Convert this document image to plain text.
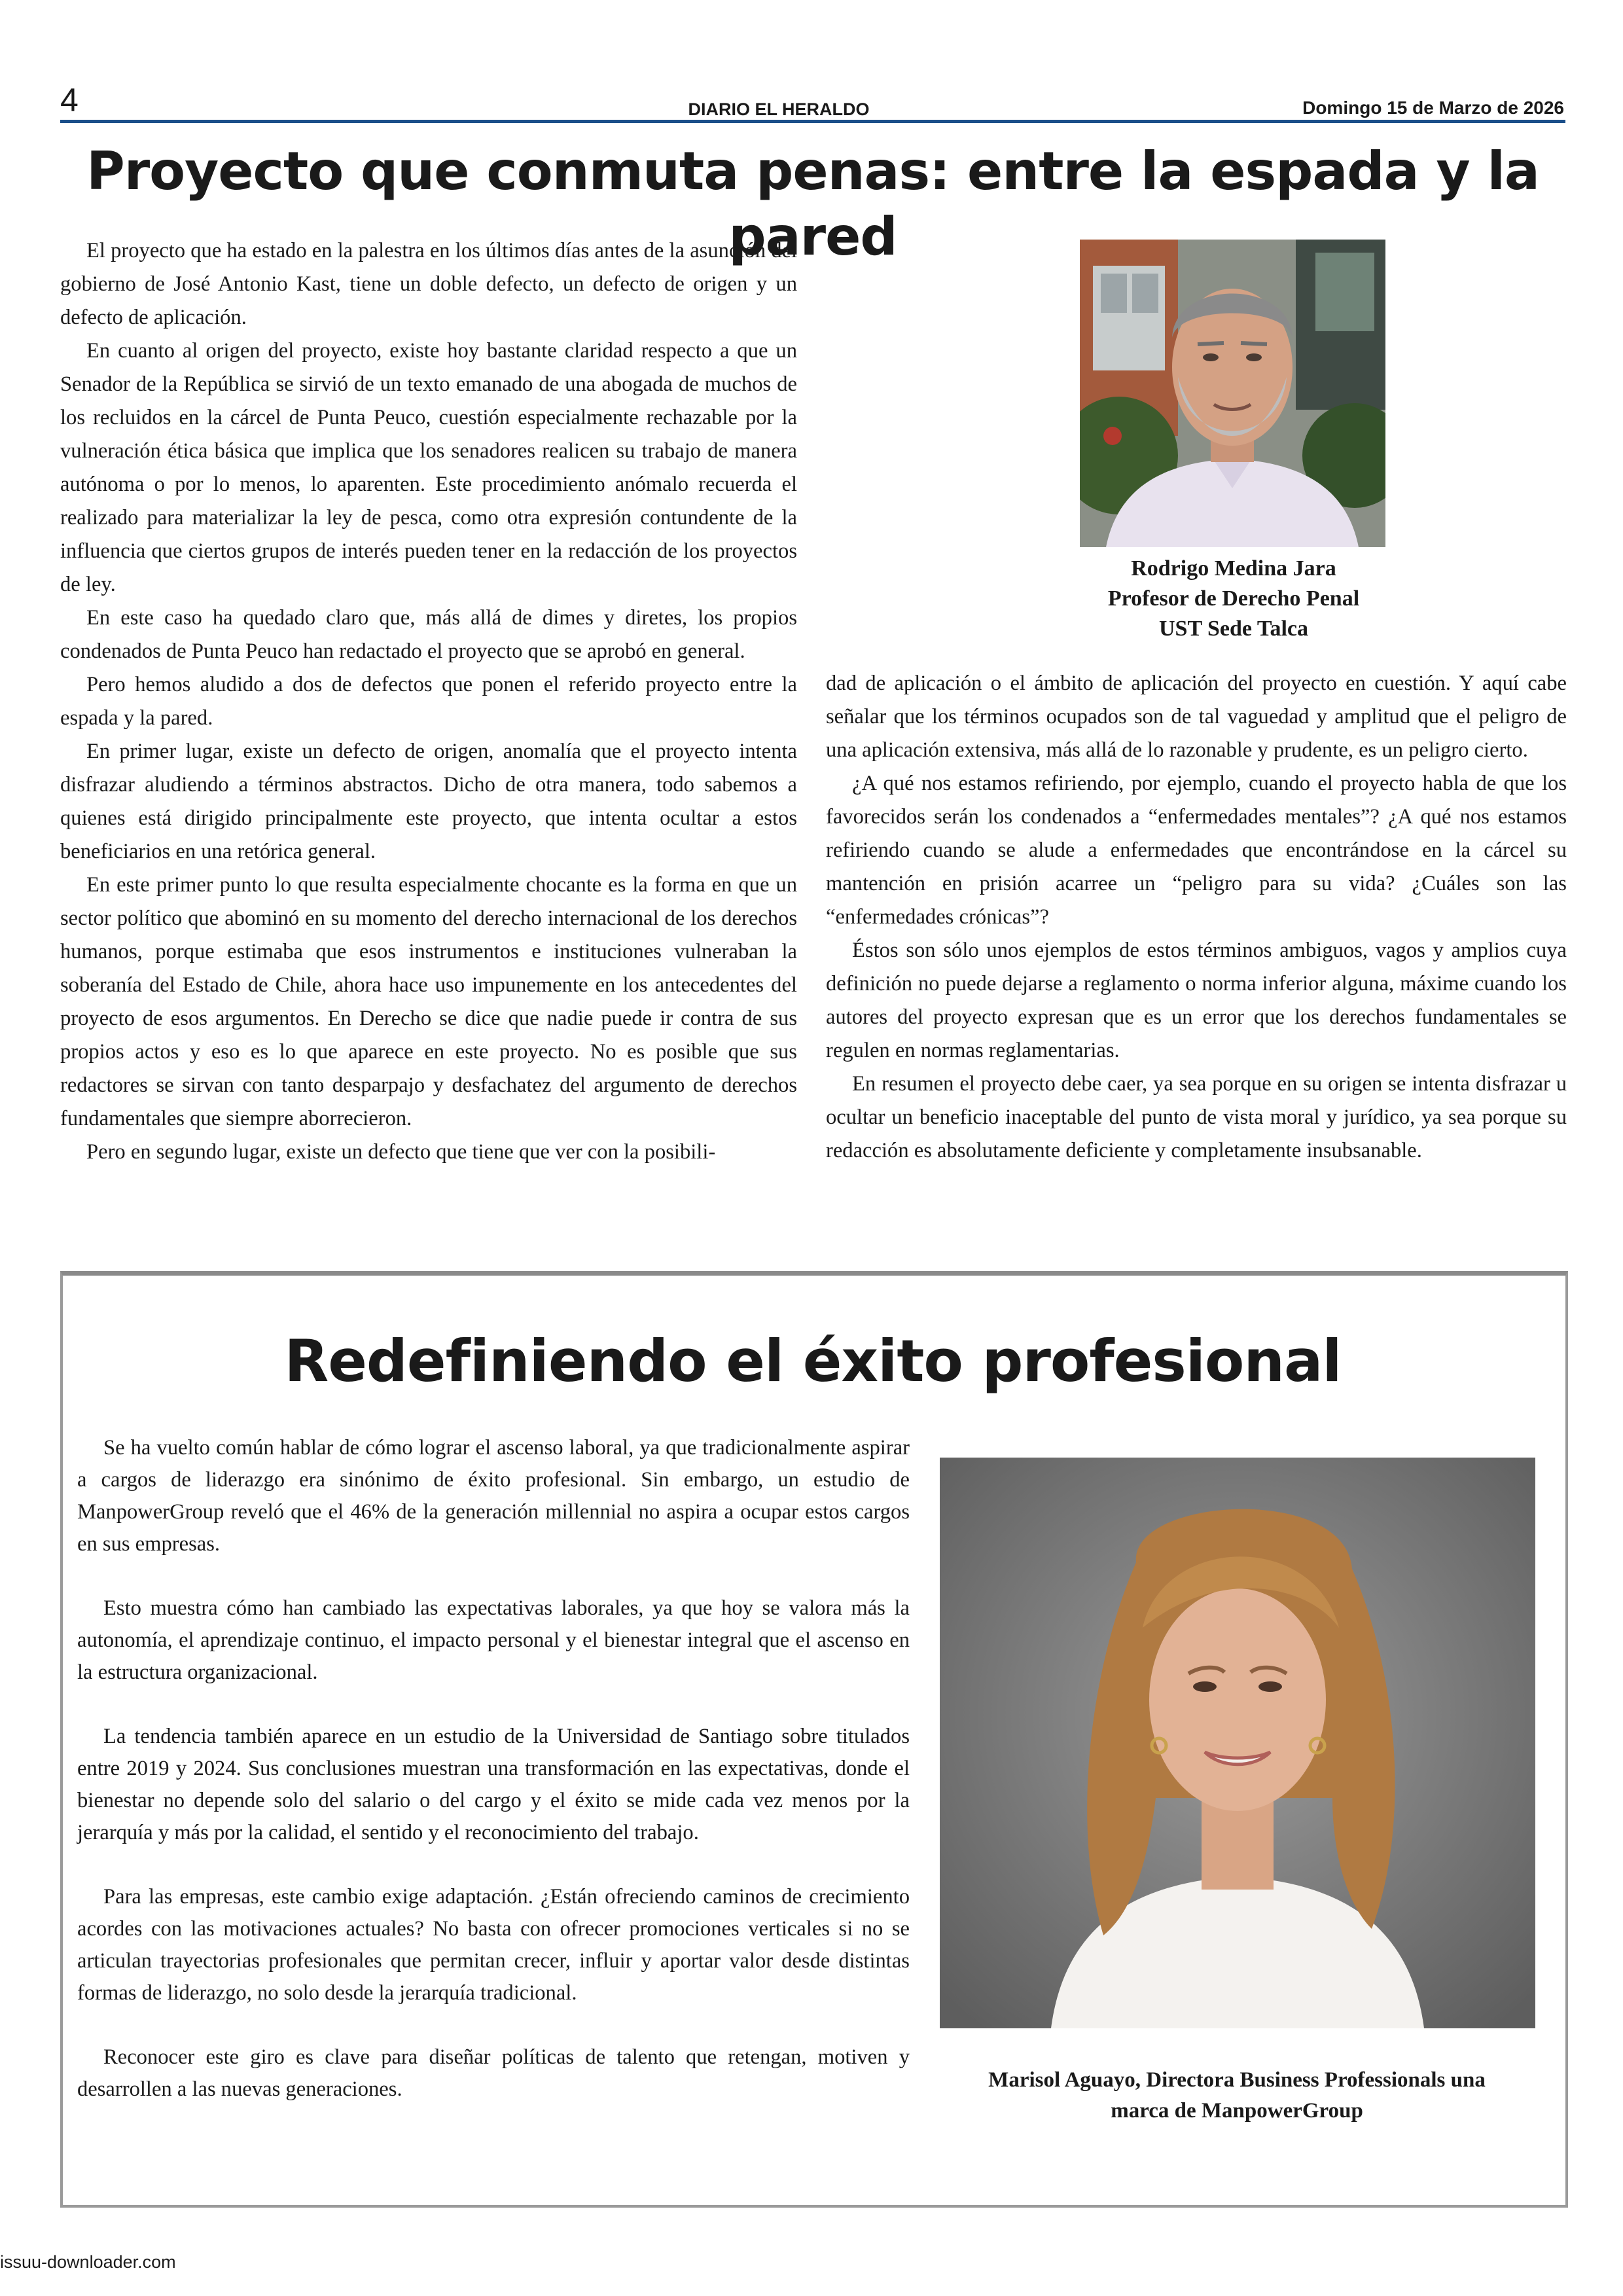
4	DIARIO EL HERALDO	Domingo 15 de Marzo de 2026
Proyecto que conmuta penas: entre la espada y la pared

El proyecto que ha estado en la palestra en los últimos días antes de la asunción del gobierno de José Antonio Kast, tiene un doble defecto, un defecto de origen y un defecto de aplicación.

En cuanto al origen del proyecto, existe hoy bastante claridad respecto a que un Senador de la República se sirvió de un texto emanado de una abogada de muchos de los recluidos en la cárcel de Punta Peuco, cuestión especialmente rechazable por la vulneración ética básica que implica que los senadores realicen su trabajo de manera autónoma o por lo menos, lo aparenten. Este procedimiento anómalo recuerda el realizado para materializar la ley de pesca, como otra expresión contundente de la influencia que ciertos grupos de interés pueden tener en la redacción de los proyectos de ley.

En este caso ha quedado claro que, más allá de dimes y diretes, los propios condenados de Punta Peuco han redactado el proyecto que se aprobó en general.

Pero hemos aludido a dos de defectos que ponen el referido proyecto entre la espada y la pared.

En primer lugar, existe un defecto de origen, anomalía que el proyecto intenta disfrazar aludiendo a términos abstractos. Dicho de otra manera, todo sabemos a quienes está dirigido principalmente este proyecto, que intenta ocultar a estos beneficiarios en una retórica general.

En este primer punto lo que resulta especialmente chocante es la forma en que un sector político que abominó en su momento del derecho internacional de los derechos humanos, porque estimaba que esos instrumentos e instituciones vulneraban la soberanía del Estado de Chile, ahora hace uso impunemente en los antecedentes del proyecto de esos argumentos. En Derecho se dice que nadie puede ir contra de sus propios actos y eso es lo que aparece en este proyecto. No es posible que sus redactores se sirvan con tanto desparpajo y desfachatez del argumento de derechos fundamentales que siempre aborrecieron.

Pero en segundo lugar, existe un defecto que tiene que ver con la posibili-

Rodrigo Medina Jara
Profesor de Derecho Penal
UST Sede Talca

dad de aplicación o el ámbito de aplicación del proyecto en cuestión. Y aquí cabe señalar que los términos ocupados son de tal vaguedad y amplitud que el peligro de una aplicación extensiva, más allá de lo razonable y prudente, es un peligro cierto.

¿A qué nos estamos refiriendo, por ejemplo, cuando el proyecto habla de que los favorecidos serán los condenados a “enfermedades mentales”? ¿A qué nos estamos refiriendo cuando se alude a enfermedades que encontrándose en la cárcel su mantención en prisión acarree un “peligro para su vida? ¿Cuáles son las “enfermedades crónicas”?

Éstos son sólo unos ejemplos de estos términos ambiguos, vagos y amplios cuya definición no puede dejarse a reglamento o norma inferior alguna, máxime cuando los autores del proyecto expresan que es un error que los derechos fundamentales se regulen en normas reglamentarias.

En resumen el proyecto debe caer, ya sea porque en su origen se intenta disfrazar u ocultar un beneficio inaceptable del punto de vista moral y jurídico, ya sea porque su redacción es absolutamente deficiente y completamente insubsanable.

Redefiniendo el éxito profesional

Se ha vuelto común hablar de cómo lograr el ascenso laboral, ya que tradicionalmente aspirar a cargos de liderazgo era sinónimo de éxito profesional. Sin embargo, un estudio de ManpowerGroup reveló que el 46% de la generación millennial no aspira a ocupar estos cargos en sus empresas.

Esto muestra cómo han cambiado las expectativas laborales, ya que hoy se valora más la autonomía, el aprendizaje continuo, el impacto personal y el bienestar integral que el ascenso en la estructura organizacional.

La tendencia también aparece en un estudio de la Universidad de Santiago sobre titulados entre 2019 y 2024. Sus conclusiones muestran una transformación en las expectativas, donde el bienestar no depende solo del salario o del cargo y el éxito se mide cada vez menos por la jerarquía y más por la calidad, el sentido y el reconocimiento del trabajo.

Para las empresas, este cambio exige adaptación. ¿Están ofreciendo caminos de crecimiento acordes con las motivaciones actuales? No basta con ofrecer promociones verticales si no se articulan trayectorias profesionales que permitan crecer, influir y aportar valor desde distintas formas de liderazgo, no solo desde la jerarquía tradicional.

Reconocer este giro es clave para diseñar políticas de talento que retengan, motiven y desarrollen a las nuevas generaciones.	Marisol Aguayo, Directora Business Professionals una
marca de ManpowerGroup
issuu-downloader.com
